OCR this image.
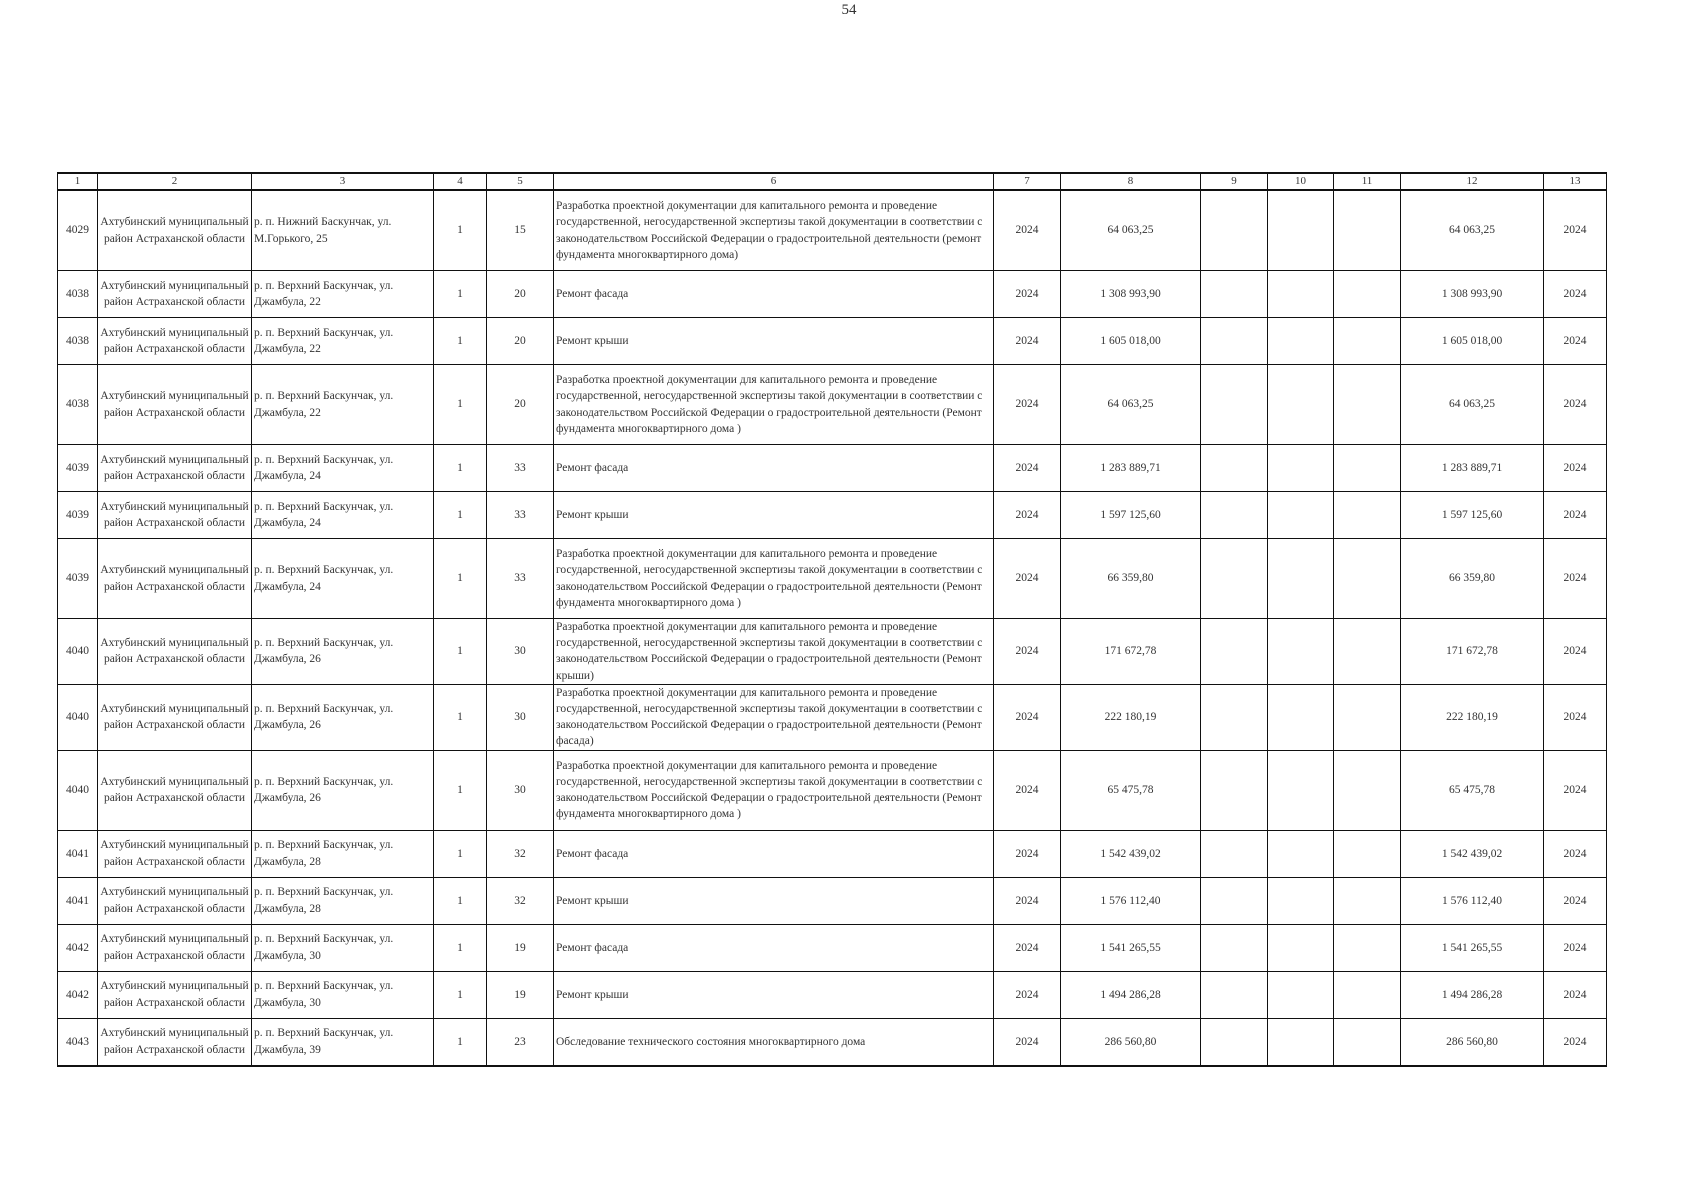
54
1	2	3	4	5	6	7	8	9	10	11	12	13
4029	Ахтубинский муниципальный район Астраханской области	р. п. Нижний Баскунчак, ул. М.Горького, 25	1	15	Разработка проектной документации для капитального ремонта и проведение государственной, негосударственной экспертизы такой документации в соответствии с законодательством Российской Федерации о градостроительной деятельности (ремонт фундамента многоквартирного дома)	2024	64 063,25				64 063,25	2024
4038	Ахтубинский муниципальный район Астраханской области	р. п. Верхний Баскунчак, ул. Джамбула, 22	1	20	Ремонт фасада	2024	1 308 993,90				1 308 993,90	2024
4038	Ахтубинский муниципальный район Астраханской области	р. п. Верхний Баскунчак, ул. Джамбула, 22	1	20	Ремонт крыши	2024	1 605 018,00				1 605 018,00	2024
4038	Ахтубинский муниципальный район Астраханской области	р. п. Верхний Баскунчак, ул. Джамбула, 22	1	20	Разработка проектной документации для капитального ремонта и проведение государственной, негосударственной экспертизы такой документации в соответствии с законодательством Российской Федерации о градостроительной деятельности (Ремонт фундамента многоквартирного дома )	2024	64 063,25				64 063,25	2024
4039	Ахтубинский муниципальный район Астраханской области	р. п. Верхний Баскунчак, ул. Джамбула, 24	1	33	Ремонт фасада	2024	1 283 889,71				1 283 889,71	2024
4039	Ахтубинский муниципальный район Астраханской области	р. п. Верхний Баскунчак, ул. Джамбула, 24	1	33	Ремонт крыши	2024	1 597 125,60				1 597 125,60	2024
4039	Ахтубинский муниципальный район Астраханской области	р. п. Верхний Баскунчак, ул. Джамбула, 24	1	33	Разработка проектной документации для капитального ремонта и проведение государственной, негосударственной экспертизы такой документации в соответствии с законодательством Российской Федерации о градостроительной деятельности (Ремонт фундамента многоквартирного дома )	2024	66 359,80				66 359,80	2024
4040	Ахтубинский муниципальный район Астраханской области	р. п. Верхний Баскунчак, ул. Джамбула, 26	1	30	Разработка проектной документации для капитального ремонта и проведение государственной, негосударственной экспертизы такой документации в соответствии с законодательством Российской Федерации о градостроительной деятельности (Ремонт крыши)	2024	171 672,78				171 672,78	2024
4040	Ахтубинский муниципальный район Астраханской области	р. п. Верхний Баскунчак, ул. Джамбула, 26	1	30	Разработка проектной документации для капитального ремонта и проведение государственной, негосударственной экспертизы такой документации в соответствии с законодательством Российской Федерации о градостроительной деятельности (Ремонт фасада)	2024	222 180,19				222 180,19	2024
4040	Ахтубинский муниципальный район Астраханской области	р. п. Верхний Баскунчак, ул. Джамбула, 26	1	30	Разработка проектной документации для капитального ремонта и проведение государственной, негосударственной экспертизы такой документации в соответствии с законодательством Российской Федерации о градостроительной деятельности (Ремонт фундамента многоквартирного дома )	2024	65 475,78				65 475,78	2024
4041	Ахтубинский муниципальный район Астраханской области	р. п. Верхний Баскунчак, ул. Джамбула, 28	1	32	Ремонт фасада	2024	1 542 439,02				1 542 439,02	2024
4041	Ахтубинский муниципальный район Астраханской области	р. п. Верхний Баскунчак, ул. Джамбула, 28	1	32	Ремонт крыши	2024	1 576 112,40				1 576 112,40	2024
4042	Ахтубинский муниципальный район Астраханской области	р. п. Верхний Баскунчак, ул. Джамбула, 30	1	19	Ремонт фасада	2024	1 541 265,55				1 541 265,55	2024
4042	Ахтубинский муниципальный район Астраханской области	р. п. Верхний Баскунчак, ул. Джамбула, 30	1	19	Ремонт крыши	2024	1 494 286,28				1 494 286,28	2024
4043	Ахтубинский муниципальный район Астраханской области	р. п. Верхний Баскунчак, ул. Джамбула, 39	1	23	Обследование технического состояния многоквартирного дома	2024	286 560,80				286 560,80	2024
